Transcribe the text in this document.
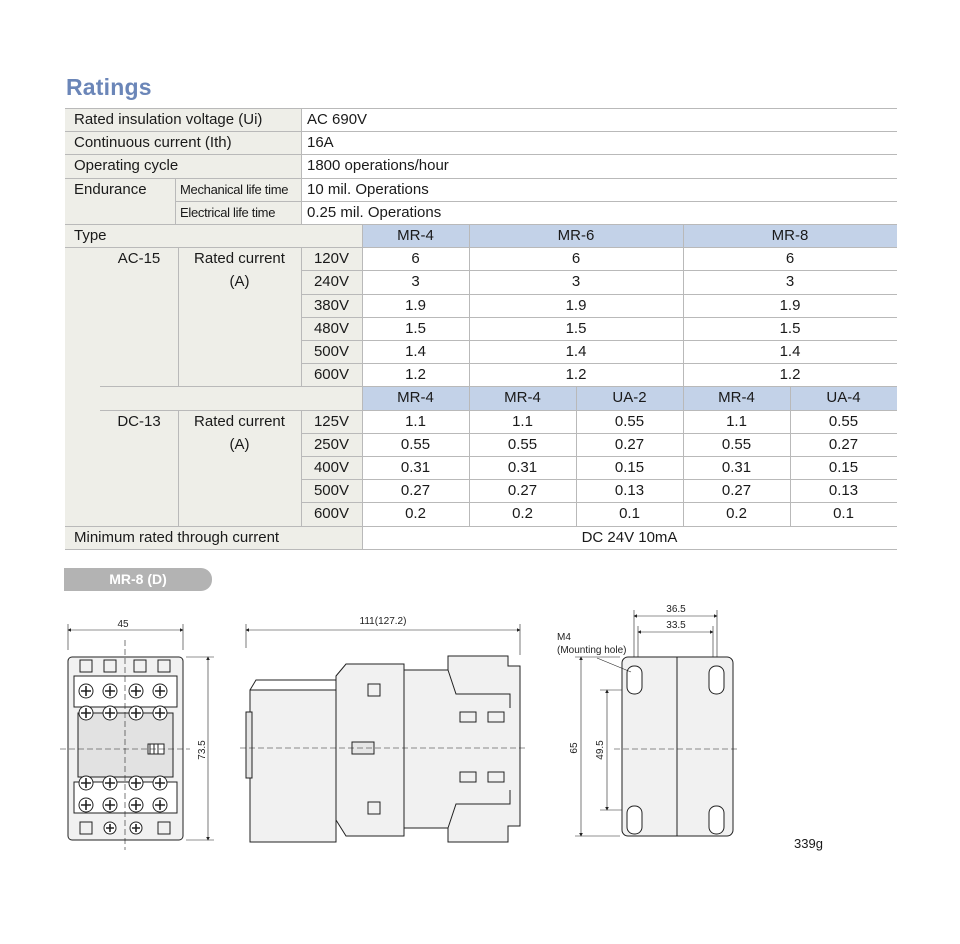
Ratings
Rated insulation voltage (Ui)	AC 690V
Continuous current (Ith)	16A
Operating cycle	1800 operations/hour
Endurance	Mechanical life time	10 mil. Operations
Electrical life time	0.25 mil. Operations
Type	MR-4	MR-6	MR-8
AC-15	Rated current
(A)
120V	6	6	6
240V	3	3	3
380V	1.9	1.9	1.9
480V	1.5	1.5	1.5
500V	1.4	1.4	1.4
600V	1.2	1.2	1.2
MR-4	MR-4	UA-2	MR-4	UA-4
DC-13	Rated current
(A)
125V	1.1	1.1	0.55	1.1	0.55
250V	0.55	0.55	0.27	0.55	0.27
400V	0.31	0.31	0.15	0.31	0.15
500V	0.27	0.27	0.13	0.27	0.13
600V	0.2	0.2	0.1	0.2	0.1
Minimum rated through current	DC 24V 10mA
MR-8 (D)
45
73.5
111(127.2)
36.5
33.5
M4
(Mounting hole)
65 49.5
339g
